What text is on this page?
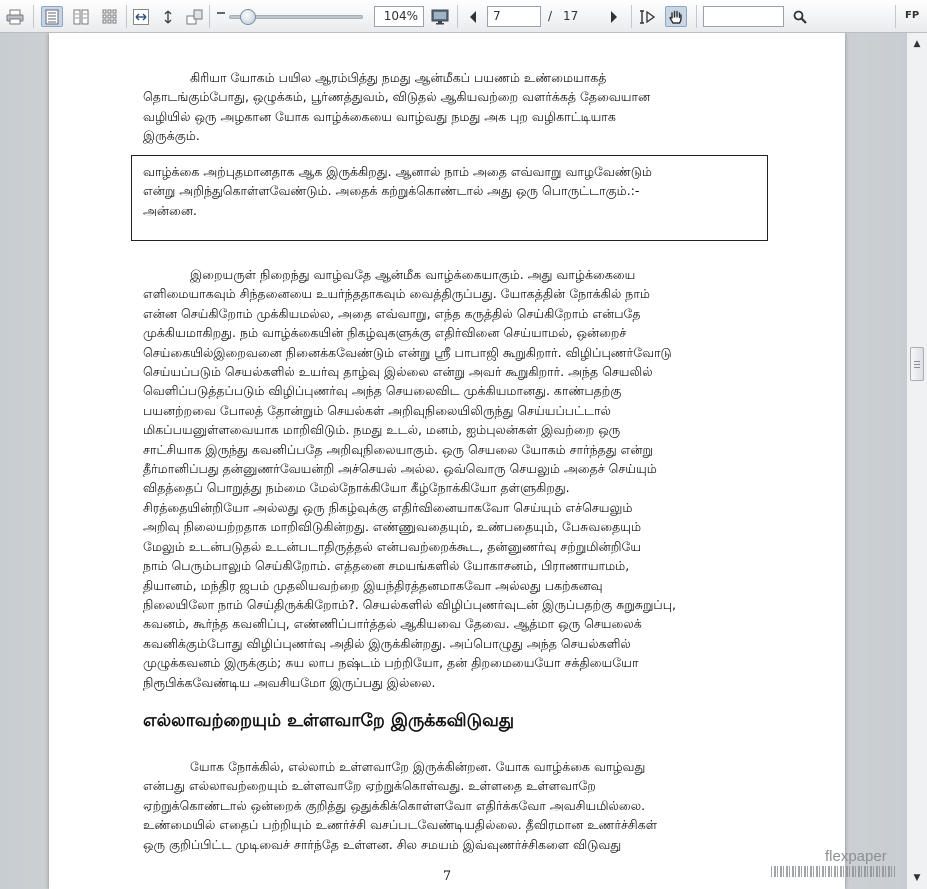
104%	7	/ 17	FP
கிரியா யோகம் பயில ஆரம்பித்து நமது ஆன்மீகப் பயணம் உண்மையாகத்
தொடங்கும்போது, ஒழுக்கம், பூர்ணத்துவம், விடுதல் ஆகியவற்றை வளர்க்கத் தேவையான
வழியில் ஒரு அழகான யோக வாழ்க்கையை வாழ்வது நமது அக புற வழிகாட்டியாக
இருக்கும்.
வாழ்க்கை அற்புதமானதாக ஆக இருக்கிறது. ஆனால் நாம் அதை எவ்வாறு வாழவேண்டும்
என்று அறிந்துகொள்ளவேண்டும். அதைக் கற்றுக்கொண்டால் அது ஒரு பொருட்டாகும்.:-
அன்னை.
இறையருள் நிறைந்து வாழ்வதே ஆன்மீக வாழ்க்கையாகும். அது வாழ்க்கையை
எளிமையாகவும் சிந்தனையை உயர்ந்ததாகவும் வைத்திருப்பது. யோகத்தின் நோக்கில் நாம்
என்ன செய்கிறோம் முக்கியமல்ல, அதை எவ்வாறு, எந்த கருத்தில் செய்கிறோம் என்பதே
முக்கியமாகிறது. நம் வாழ்க்கையின் நிகழ்வுகளுக்கு எதிர்வினை செய்யாமல், ஒன்றைச்
செய்கையில்இறைவனை நினைக்கவேண்டும் என்று ஸ்ரீ பாபாஜி கூறுகிறார். விழிப்புணர்வோடு
செய்யப்படும் செயல்களில் உயர்வு தாழ்வு இல்லை என்று அவர் கூறுகிறார். அந்த செயலில்
வெளிப்படுத்தப்படும் விழிப்புணர்வு அந்த செயலைவிட முக்கியமானது. காண்பதற்கு
பயனற்றவை போலத் தோன்றும் செயல்கள் அறிவுநிலையிலிருந்து செய்யப்பட்டால்
மிகப்பயனுள்ளவையாக மாறிவிடும். நமது உடல், மனம், ஐம்புலன்கள் இவற்றை ஒரு
சாட்சியாக இருந்து கவனிப்பதே அறிவுநிலையாகும். ஒரு செயலை யோகம் சார்ந்தது என்று
தீர்மானிப்பது தன்னுணர்வேயன்றி அச்செயல் அல்ல. ஒவ்வொரு செயலும் அதைச் செய்யும்
விதத்தைப் பொறுத்து நம்மை மேல்நோக்கியோ கீழ்நோக்கியோ தள்ளுகிறது.
சிரத்தையின்றியோ அல்லது ஒரு நிகழ்வுக்கு எதிர்வினையாகவோ செய்யும் எச்செயலும்
அறிவு நிலையற்றதாக மாறிவிடுகின்றது. எண்ணுவதையும், உண்பதையும், பேசுவதையும்
மேலும் உடன்படுதல் உடன்படாதிருத்தல் என்பவற்றைக்கூட, தன்னுணர்வு சற்றுமின்றியே
நாம் பெரும்பாலும் செய்கிறோம். எத்தனை சமயங்களில் யோகாசனம், பிராணாயாமம்,
தியானம், மந்திர ஜபம் முதலியவற்றை இயந்திரத்தனமாகவோ அல்லது பகற்கனவு
நிலையிலோ நாம் செய்திருக்கிறோம்?. செயல்களில் விழிப்புணர்வுடன் இருப்பதற்கு சுறுசுறுப்பு,
கவனம், கூர்ந்த கவனிப்பு, எண்ணிப்பார்த்தல் ஆகியவை தேவை. ஆத்மா ஒரு செயலைக்
கவனிக்கும்போது விழிப்புணர்வு அதில் இருக்கின்றது. அப்பொழுது அந்த செயல்களில்
முழுக்கவனம் இருக்கும்; சுய லாப நஷ்டம் பற்றியோ, தன் திறமையையோ சக்தியையோ
நிரூபிக்கவேண்டிய அவசியமோ இருப்பது இல்லை.
எல்லாவற்றையும் உள்ளவாறே இருக்கவிடுவது
யோக நோக்கில், எல்லாம் உள்ளவாறே இருக்கின்றன. யோக வாழ்க்கை வாழ்வது
என்பது எல்லாவற்றையும் உள்ளவாறே ஏற்றுக்கொள்வது. உள்ளதை உள்ளவாறே
ஏற்றுக்கொண்டால் ஒன்றைக் குறித்து ஒதுக்கிக்கொள்ளவோ எதிர்க்கவோ அவசியமில்லை.
உண்மையில் எதைப் பற்றியும் உணர்ச்சி வசப்படவேண்டியதில்லை. தீவிரமான உணர்ச்சிகள்
ஒரு குறிப்பிட்ட முடிவைச் சார்ந்தே உள்ளன. சில சமயம் இவ்வுணர்ச்சிகளை விடுவது
7
flexpaper
▲
▼
